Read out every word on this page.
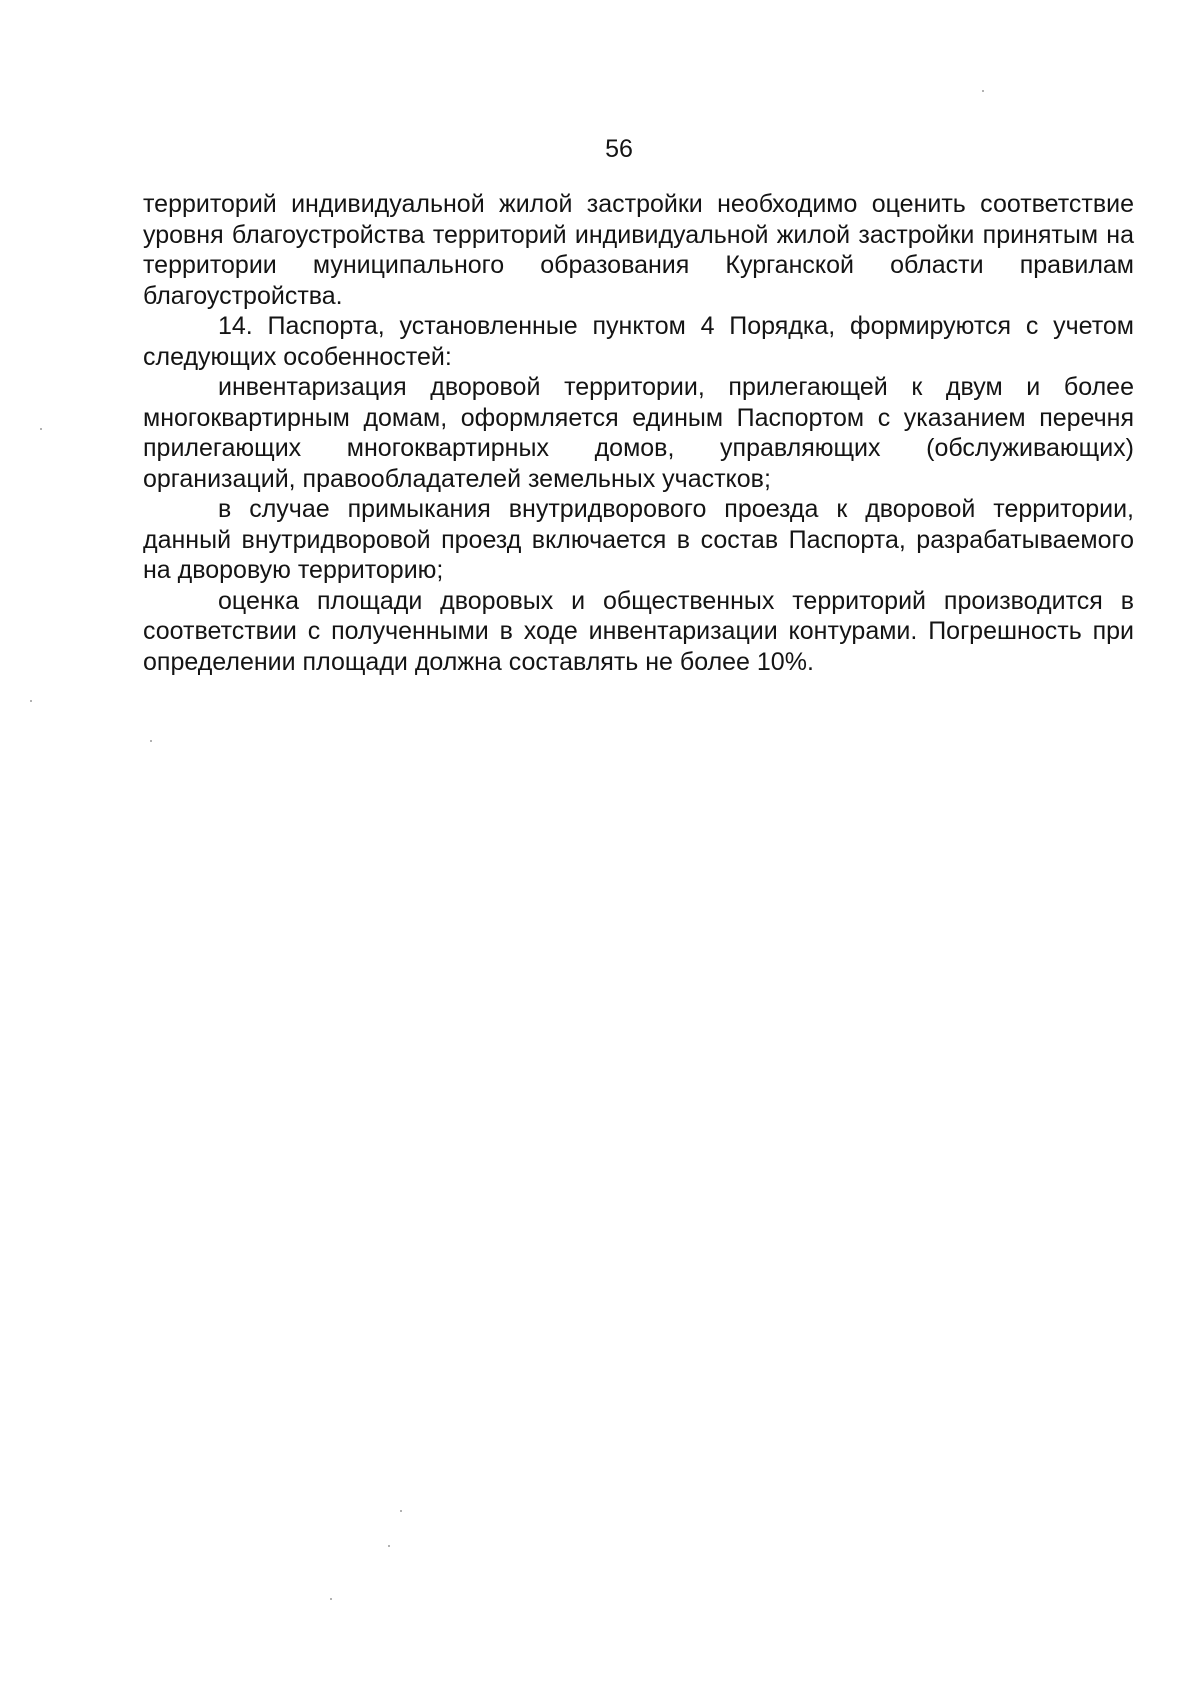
56

территорий индивидуальной жилой застройки необходимо оценить соответствие уровня благоустройства территорий индивидуальной жилой застройки принятым на территории муниципального образования Курганской области правилам благоустройства.

14. Паспорта, установленные пунктом 4 Порядка, формируются с учетом следующих особенностей:

инвентаризация дворовой территории, прилегающей к двум и более многоквартирным домам, оформляется единым Паспортом с указанием перечня прилегающих многоквартирных домов, управляющих (обслуживающих) организаций, правообладателей земельных участков;

в случае примыкания внутридворового проезда к дворовой территории, данный внутридворовой проезд включается в состав Паспорта, разрабатываемого на дворовую территорию;

оценка площади дворовых и общественных территорий производится в соответствии с полученными в ходе инвентаризации контурами. Погрешность при определении площади должна составлять не более 10%.
